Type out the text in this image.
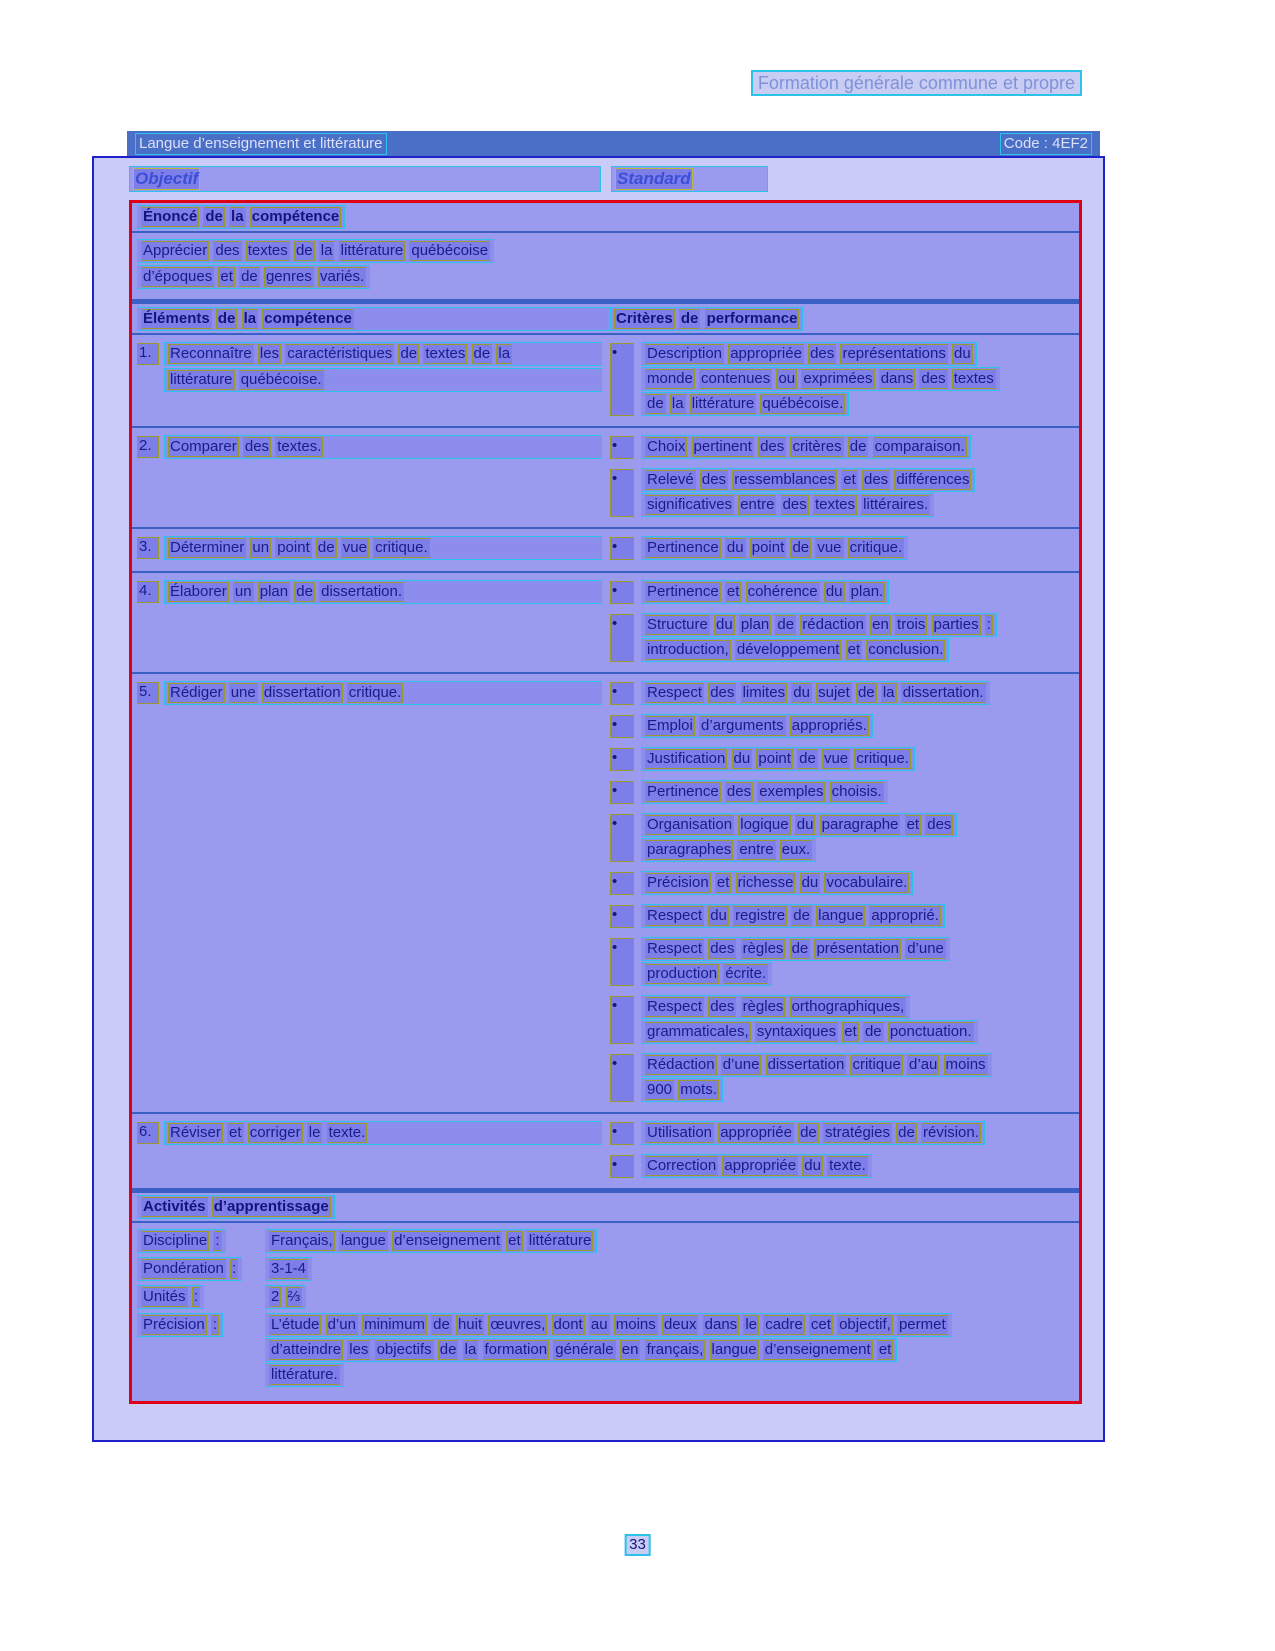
Formation générale commune et propre
Langue d’enseignement et littérature	Code : 4EF2
Objectif	Standard
Énoncé de la compétence
Apprécier des textes de la littérature québécoise
d’époques et de genres variés.
Éléments de la compétence	Critères de performance
1.	Reconnaître les caractéristiques de textes de la
littérature québécoise.
•	Description appropriée des représentations du
monde contenues ou exprimées dans des textes
de la littérature québécoise.
2.	Comparer des textes.	•	Choix pertinent des critères de comparaison.
•	Relevé des ressemblances et des différences
significatives entre des textes littéraires.
3.	Déterminer un point de vue critique.	•	Pertinence du point de vue critique.
4.	Élaborer un plan de dissertation.	•	Pertinence et cohérence du plan.
•	Structure du plan de rédaction en trois parties :
introduction, développement et conclusion.
5.	Rédiger une dissertation critique.	•	Respect des limites du sujet de la dissertation.
•	Emploi d’arguments appropriés.
•	Justification du point de vue critique.
•	Pertinence des exemples choisis.
•	Organisation logique du paragraphe et des
paragraphes entre eux.
•	Précision et richesse du vocabulaire.
•	Respect du registre de langue approprié.
•	Respect des règles de présentation d’une
production écrite.
•	Respect des règles orthographiques,
grammaticales, syntaxiques et de ponctuation.
•	Rédaction d’une dissertation critique d’au moins
900 mots.
6.	Réviser et corriger le texte.	•	Utilisation appropriée de stratégies de révision.
•	Correction appropriée du texte.
Activités d’apprentissage
Discipline :	Français, langue d’enseignement et littérature
Pondération :	3-1-4
Unités :	2 ⅔
Précision :	L’étude d’un minimum de huit œuvres, dont au moins deux dans le cadre cet objectif, permet
d’atteindre les objectifs de la formation générale en français, langue d’enseignement et
littérature.
33
